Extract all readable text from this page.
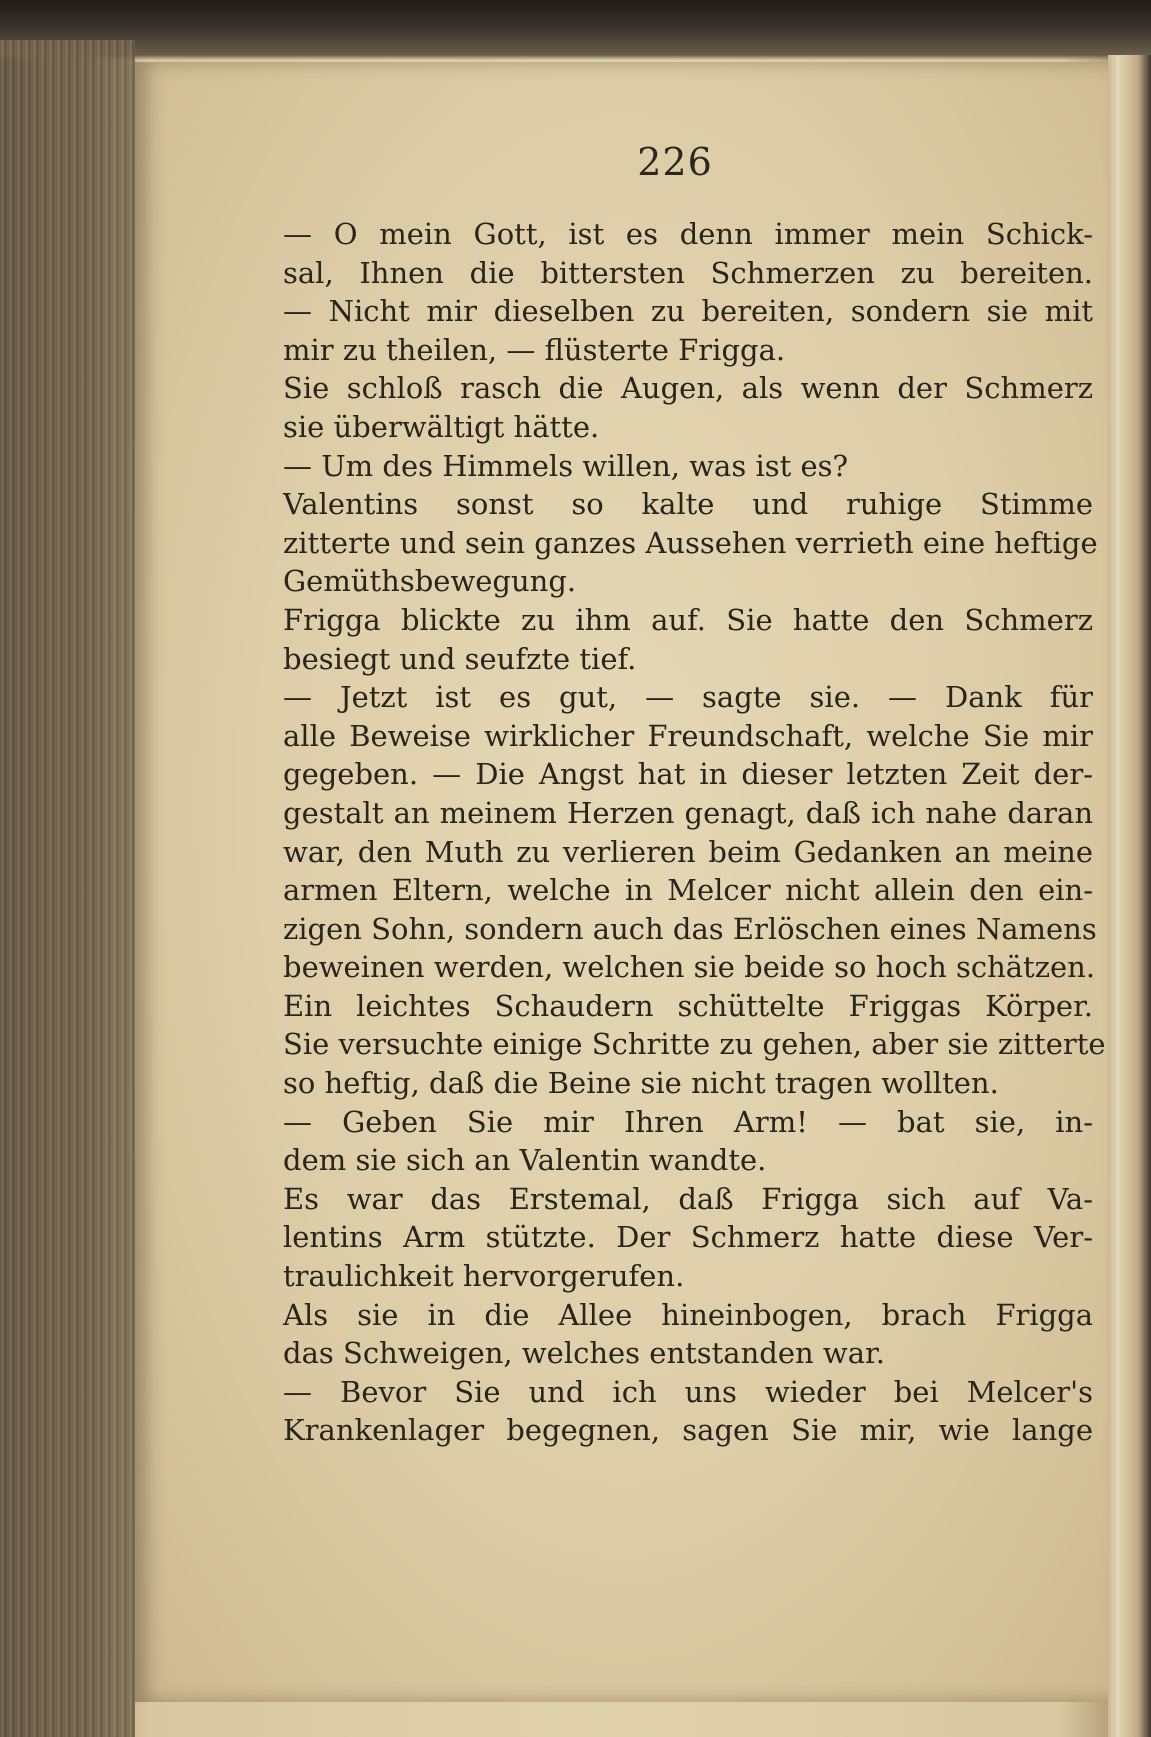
226
— O mein Gott, ist es denn immer mein Schick-
sal, Ihnen die bittersten Schmerzen zu bereiten.
— Nicht mir dieselben zu bereiten, sondern sie mit
mir zu theilen, — flüsterte Frigga.
Sie schloß rasch die Augen, als wenn der Schmerz
sie überwältigt hätte.
— Um des Himmels willen, was ist es?
Valentins sonst so kalte und ruhige Stimme
zitterte und sein ganzes Aussehen verrieth eine heftige
Gemüthsbewegung.
Frigga blickte zu ihm auf. Sie hatte den Schmerz
besiegt und seufzte tief.
— Jetzt ist es gut, — sagte sie. — Dank für
alle Beweise wirklicher Freundschaft, welche Sie mir
gegeben. — Die Angst hat in dieser letzten Zeit der-
gestalt an meinem Herzen genagt, daß ich nahe daran
war, den Muth zu verlieren beim Gedanken an meine
armen Eltern, welche in Melcer nicht allein den ein-
zigen Sohn, sondern auch das Erlöschen eines Namens
beweinen werden, welchen sie beide so hoch schätzen.
Ein leichtes Schaudern schüttelte Friggas Körper.
Sie versuchte einige Schritte zu gehen, aber sie zitterte
so heftig, daß die Beine sie nicht tragen wollten.
— Geben Sie mir Ihren Arm! — bat sie, in-
dem sie sich an Valentin wandte.
Es war das Erstemal, daß Frigga sich auf Va-
lentins Arm stützte. Der Schmerz hatte diese Ver-
traulichkeit hervorgerufen.
Als sie in die Allee hineinbogen, brach Frigga
das Schweigen, welches entstanden war.
— Bevor Sie und ich uns wieder bei Melcer's
Krankenlager begegnen, sagen Sie mir, wie lange
